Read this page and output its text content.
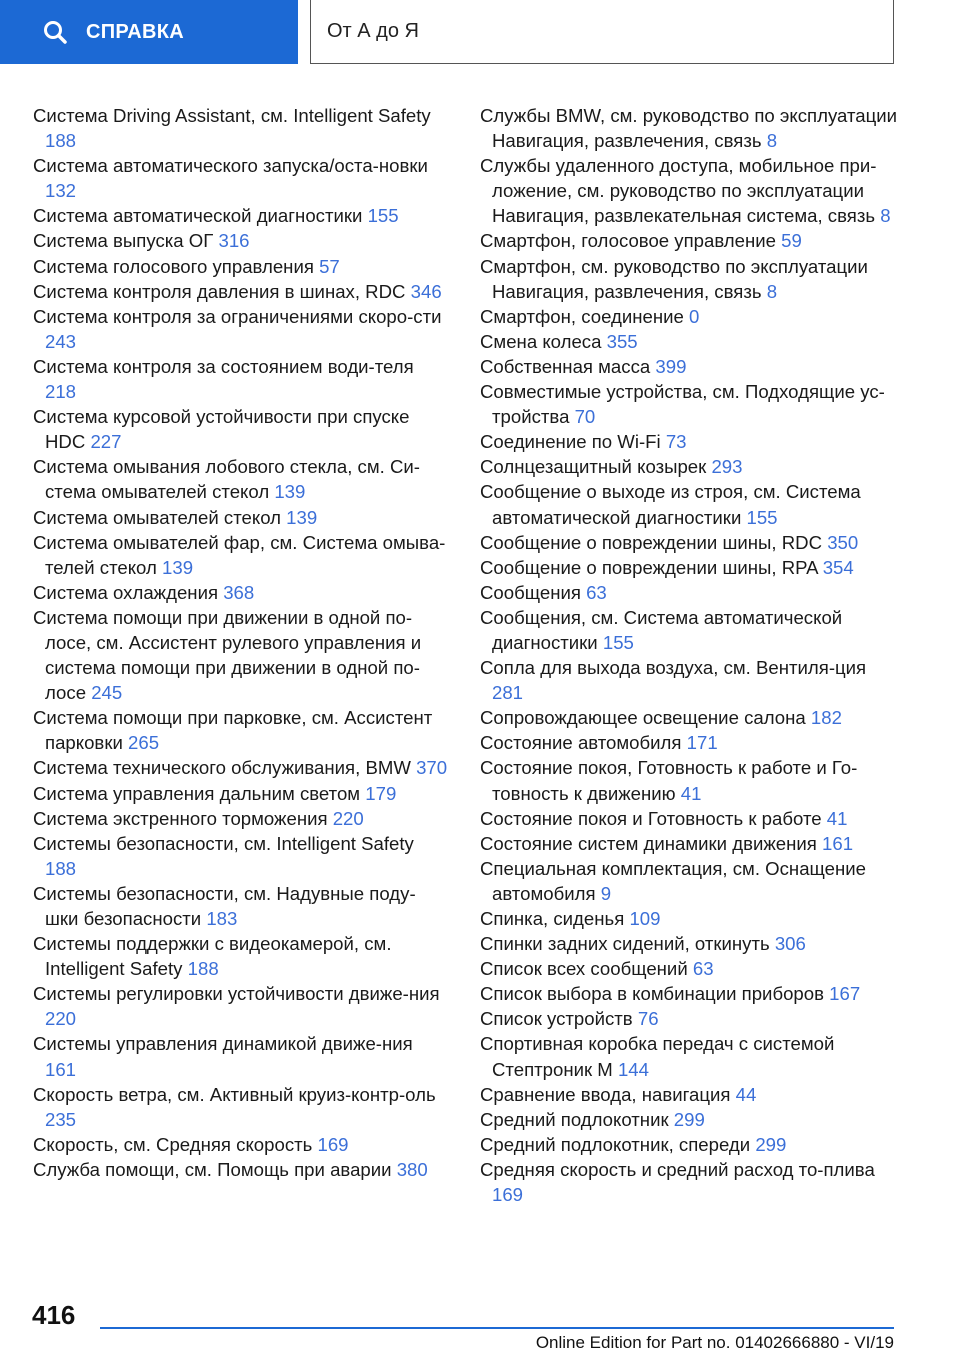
СПРАВКА	От А до Я

Система Driving Assistant, см. Intelligent Safety 188

Система автоматического запуска/оста-новки 132

Система автоматической диагностики 155

Система выпуска ОГ 316

Система голосового управления 57

Система контроля давления в шинах, RDC 346

Система контроля за ограничениями скоро-сти 243

Система контроля за состоянием води-теля 218

Система курсовой устойчивости при спуске HDC 227

Система омывания лобового стекла, см. Си-стема омывателей стекол 139

Система омывателей стекол 139

Система омывателей фар, см. Система омыва-телей стекол 139

Система охлаждения 368

Система помощи при движении в одной по-лосе, см. Ассистент рулевого управления и система помощи при движении в одной по-лосе 245

Система помощи при парковке, см. Ассистент парковки 265

Система технического обслуживания, BMW 370

Система управления дальним светом 179

Система экстренного торможения 220

Системы безопасности, см. Intelligent Safety 188

Системы безопасности, см. Надувные поду-шки безопасности 183

Системы поддержки с видеокамерой, см. Intelligent Safety 188

Системы регулировки устойчивости движе-ния 220

Системы управления динамикой движе-ния 161

Скорость ветра, см. Активный круиз-контр-оль 235

Скорость, см. Средняя скорость 169

Служба помощи, см. Помощь при аварии 380

Службы BMW, см. руководство по эксплуатации Навигация, развлечения, связь 8

Службы удаленного доступа, мобильное при-ложение, см. руководство по эксплуатации Навигация, развлекательная система, связь 8

Смартфон, голосовое управление 59

Смартфон, см. руководство по эксплуатации Навигация, развлечения, связь 8

Смартфон, соединение 0

Смена колеса 355

Собственная масса 399

Совместимые устройства, см. Подходящие ус-тройства 70

Соединение по Wi-Fi 73

Солнцезащитный козырек 293

Сообщение о выходе из строя, см. Система автоматической диагностики 155

Сообщение о повреждении шины, RDC 350

Сообщение о повреждении шины, RPA 354

Сообщения 63

Сообщения, см. Система автоматической диагностики 155

Сопла для выхода воздуха, см. Вентиля-ция 281

Сопровождающее освещение салона 182

Состояние автомобиля 171

Состояние покоя, Готовность к работе и Го-товность к движению 41

Состояние покоя и Готовность к работе 41

Состояние систем динамики движения 161

Специальная комплектация, см. Оснащение автомобиля 9

Спинка, сиденья 109

Спинки задних сидений, откинуть 306

Список всех сообщений 63

Список выбора в комбинации приборов 167

Список устройств 76

Спортивная коробка передач с системой Стептроник M 144

Сравнение ввода, навигация 44

Средний подлокотник 299

Средний подлокотник, спереди 299

Средняя скорость и средний расход то-плива 169

416
Online Edition for Part no. 01402666880 - VI/19
